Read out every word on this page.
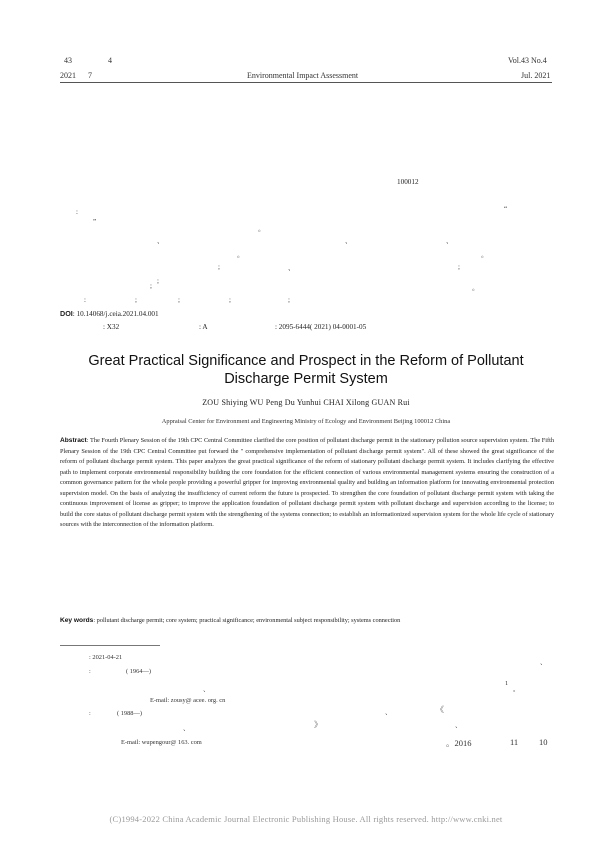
43	4	Vol.43 No.4
2021 7	Environmental Impact Assessment	Jul. 2021
100012
:	“
”
。
、	、	、
。	。
;	、	;
;
;	。
:	;	;	;	;
DOI: 10.14068/j.ceia.2021.04.001
: X32	: A	: 2095-6444( 2021) 04-0001-05
Great Practical Significance and Prospect in the Reform of Pollutant
Discharge Permit System
ZOU Shiying WU Peng Du Yunhui CHAI Xilong GUAN Rui
Appraisal Center for Environment and Engineering Ministry of Ecology and Environment Beijing 100012 China
Abstract: The Fourth Plenary Session of the 19th CPC Central Committee clarified the core position of pollutant discharge permit in the stationary pollution source supervision system. The Fifth Plenary Session of the 19th CPC Central Committee put forward the " comprehensive implementation of pollutant discharge permit system". All of these showed the great significance of the reform of pollutant discharge permit system. This paper analyzes the great practical significance of the reform of stationary pollutant discharge permit system. It includes clarifying the effective path to implement corporate environmental responsibility building the core foundation for the efficient connection of various environmental management systems ensuring the construction of a common governance pattern for the whole people providing a powerful gripper for improving environmental quality and building an information platform for innovating environmental protection supervision model. On the basis of analyzing the insufficiency of current reform the future is prospected. To strengthen the core foundation of pollutant discharge permit system with taking the continuous improvement of license as gripper; to improve the application foundation of pollutant discharge permit system with pollutant discharge and supervision according to the license; to build the core status of pollutant discharge permit system with the strengthening of the systems connection; to establish an informationized supervision system for the whole life cycle of stationary sources with the interconnection of the information platform.
Key words: pollutant discharge permit; core system; practical significance; environmental subject responsibility; systems connection
: 2021-04-21
、
:	( 1964—)
、
1
。
E-mail: zousy@ acee. org. cn
:	( 1988—)	、	《
、	》	、
E-mail: wupengour@ 163. com	。2016	11 10
(C)1994-2022 China Academic Journal Electronic Publishing House. All rights reserved. http://www.cnki.net
